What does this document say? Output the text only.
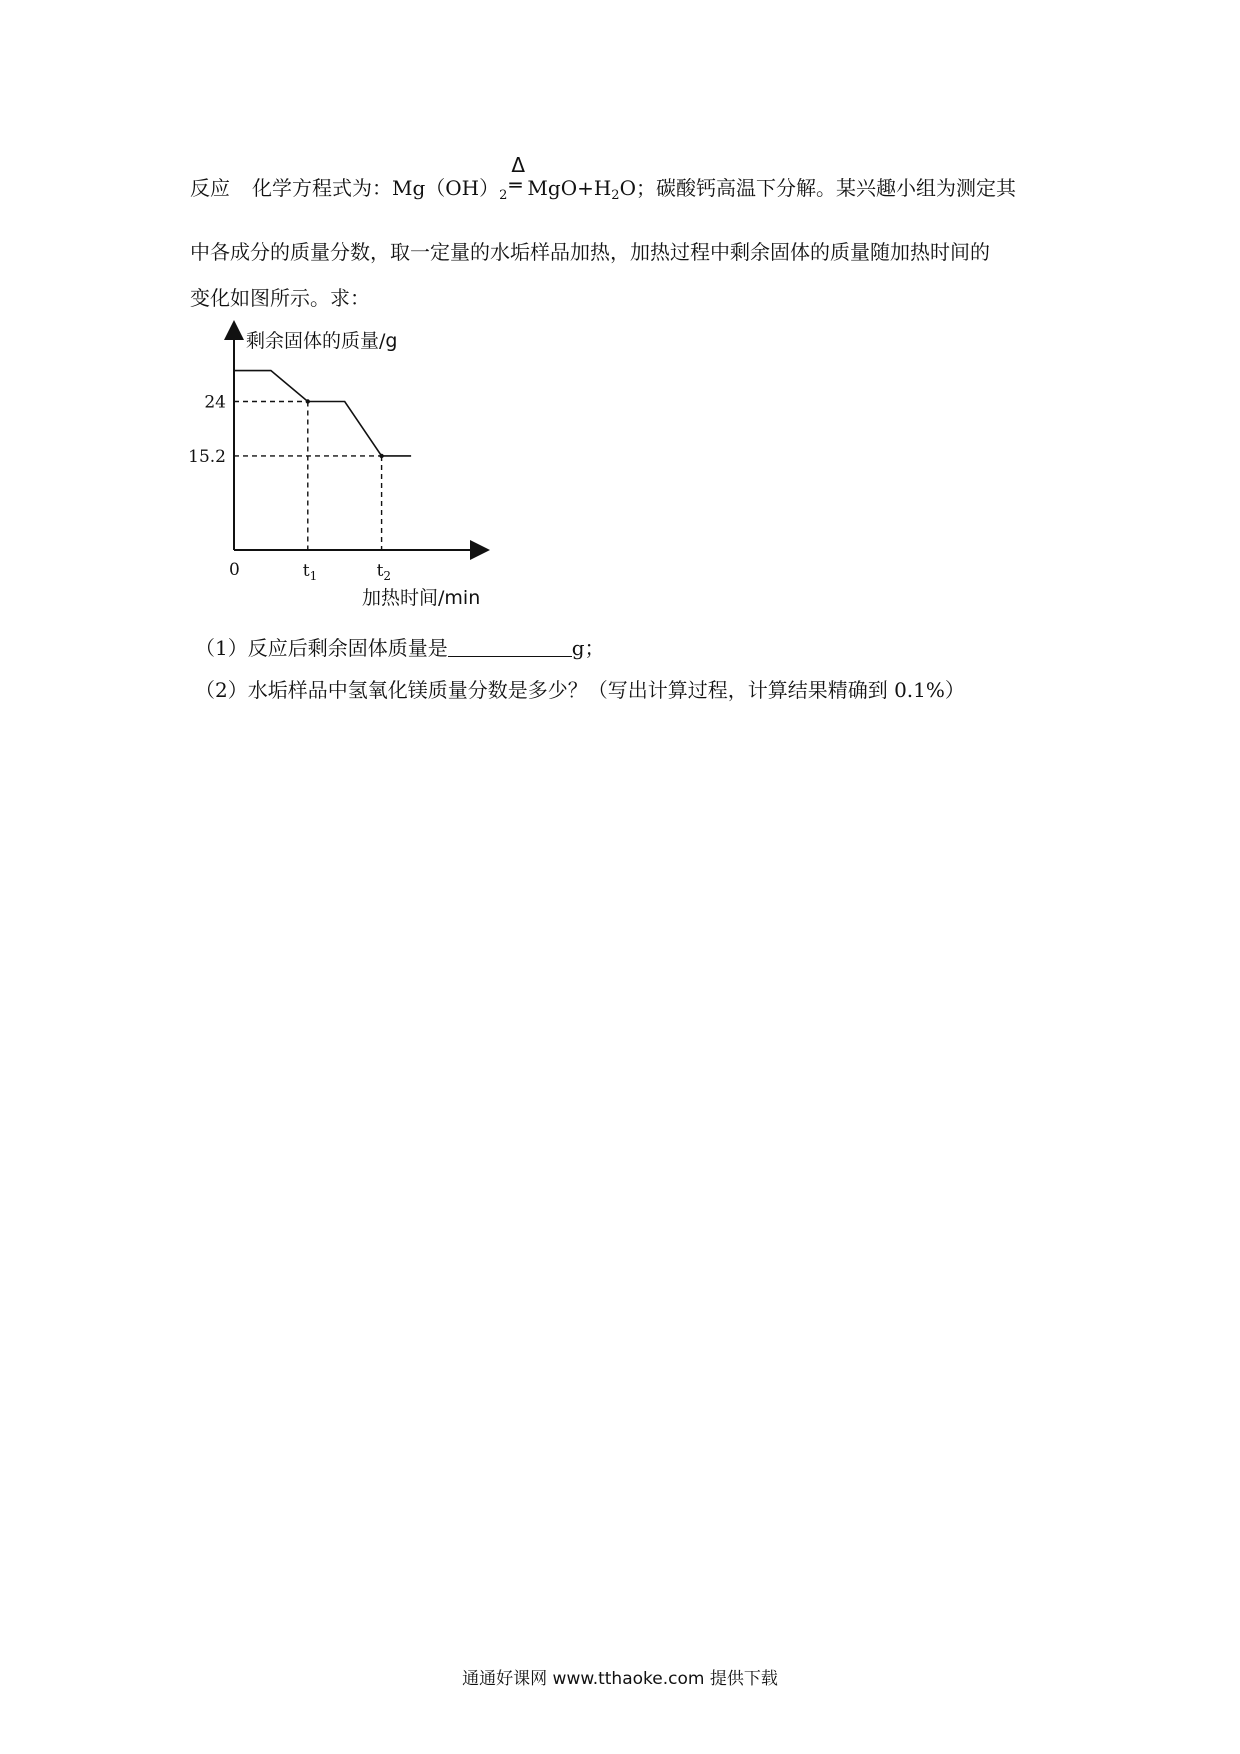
反应 化学方程式为：$Mg(OH)_2$
Δ
═ $MgO+H_2O$；碳酸钙高温下分解。某兴趣小组为测定其
中各成分的质量分数，取一定量的水垢样品加热，加热过程中剩余固体的质量随加热时间的
变化如图所示。求：
剩余固体的质量/g
加热时间/min
0
24
15.2
$t_1$	$t_2$
（1）反应后剩余固体质量是	g；
（2）水垢样品中氢氧化镁质量分数是多少？（写出计算过程，计算结果精确到 0.1%）
通通好课网 www.tthaoke.com 提供下载
